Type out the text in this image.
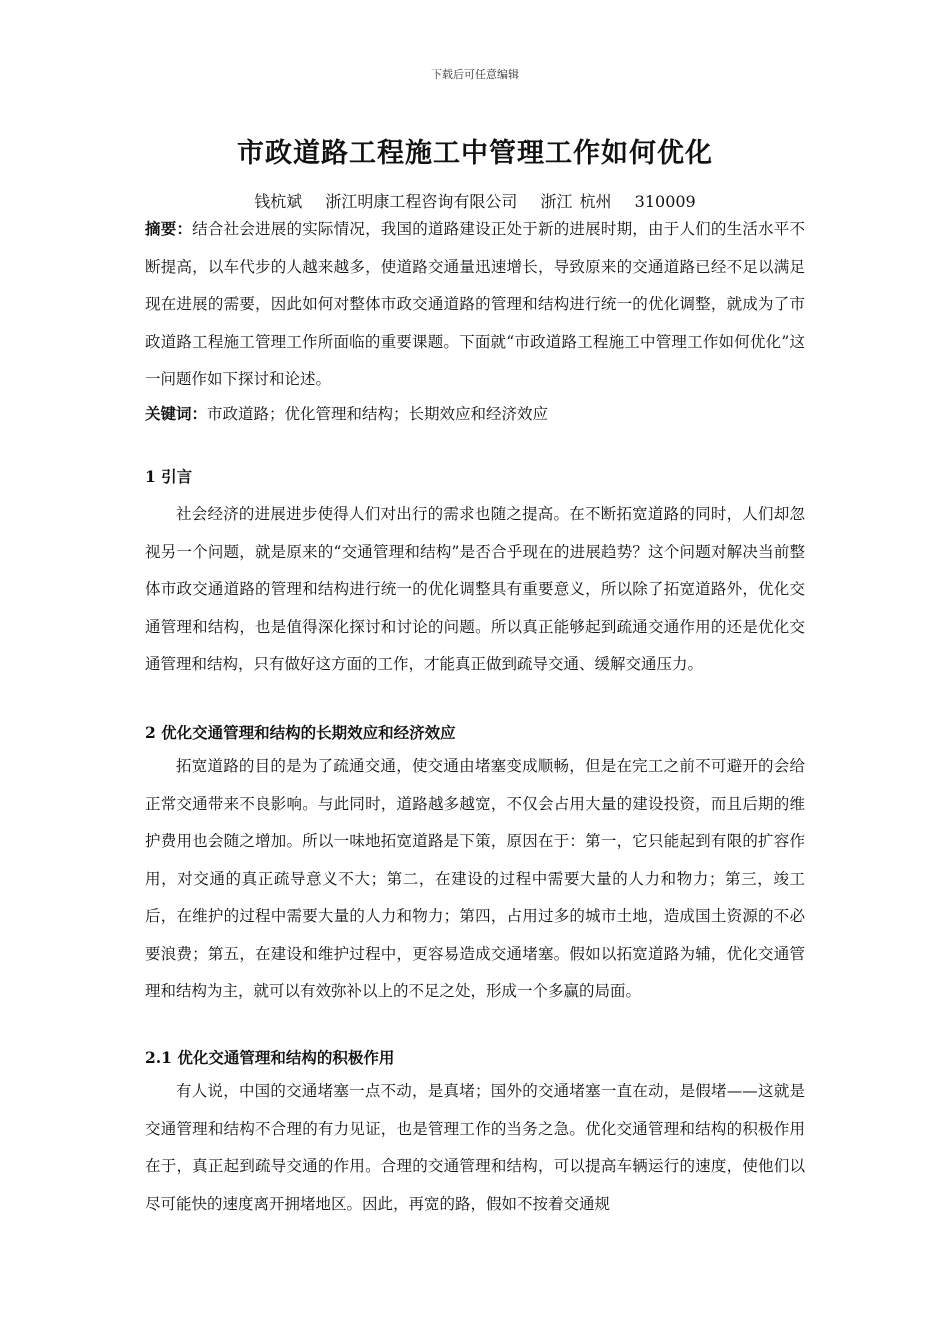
下载后可任意编辑
市政道路工程施工中管理工作如何优化
钱杭斌 浙江明康工程咨询有限公司 浙江 杭州 310009

摘要：结合社会进展的实际情况，我国的道路建设正处于新的进展时期，由于人们的生活水平不断提高，以车代步的人越来越多，使道路交通量迅速增长，导致原来的交通道路已经不足以满足现在进展的需要，因此如何对整体市政交通道路的管理和结构进行统一的优化调整，就成为了市政道路工程施工管理工作所面临的重要课题。下面就“市政道路工程施工中管理工作如何优化”这一问题作如下探讨和论述。

关键词：市政道路；优化管理和结构；长期效应和经济效应

1 引言

社会经济的进展进步使得人们对出行的需求也随之提高。在不断拓宽道路的同时，人们却忽视另一个问题，就是原来的“交通管理和结构”是否合乎现在的进展趋势？这个问题对解决当前整体市政交通道路的管理和结构进行统一的优化调整具有重要意义，所以除了拓宽道路外，优化交通管理和结构，也是值得深化探讨和讨论的问题。所以真正能够起到疏通交通作用的还是优化交通管理和结构，只有做好这方面的工作，才能真正做到疏导交通、缓解交通压力。

2 优化交通管理和结构的长期效应和经济效应

拓宽道路的目的是为了疏通交通，使交通由堵塞变成顺畅，但是在完工之前不可避开的会给正常交通带来不良影响。与此同时，道路越多越宽，不仅会占用大量的建设投资，而且后期的维护费用也会随之增加。所以一味地拓宽道路是下策，原因在于：第一，它只能起到有限的扩容作用，对交通的真正疏导意义不大；第二，在建设的过程中需要大量的人力和物力；第三，竣工后，在维护的过程中需要大量的人力和物力；第四，占用过多的城市土地，造成国土资源的不必要浪费；第五，在建设和维护过程中，更容易造成交通堵塞。假如以拓宽道路为辅，优化交通管理和结构为主，就可以有效弥补以上的不足之处，形成一个多赢的局面。

2.1 优化交通管理和结构的积极作用

有人说，中国的交通堵塞一点不动，是真堵；国外的交通堵塞一直在动，是假堵——这就是交通管理和结构不合理的有力见证，也是管理工作的当务之急。优化交通管理和结构的积极作用在于，真正起到疏导交通的作用。合理的交通管理和结构，可以提高车辆运行的速度，使他们以尽可能快的速度离开拥堵地区。因此，再宽的路，假如不按着交通规
